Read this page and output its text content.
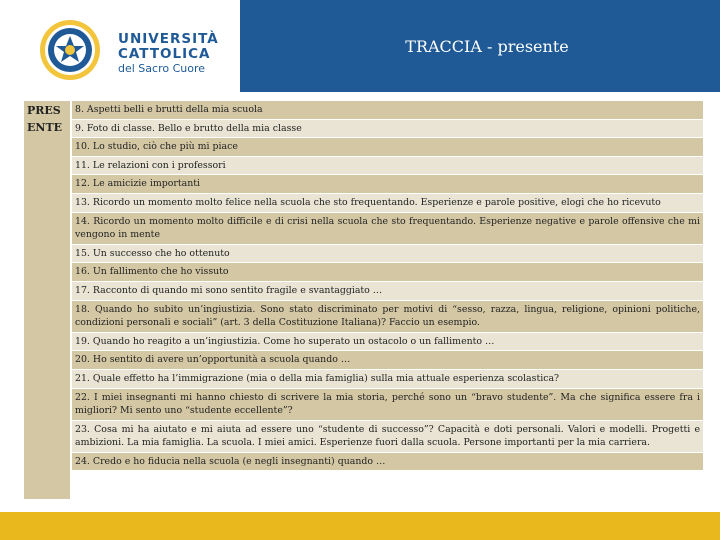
TRACCIA - presente
UNIVERSITÀ
CATTOLICA
del Sacro Cuore
PRESENTE
8. Aspetti belli e brutti della mia scuola
9. Foto di classe. Bello e brutto della mia classe
10. Lo studio, ciò che più mi piace
11. Le relazioni con i professori
12. Le amicizie importanti
13. Ricordo un momento molto felice nella scuola che sto frequentando. Esperienze e parole positive, elogi che ho ricevuto
14. Ricordo un momento molto difficile e di crisi nella scuola che sto frequentando. Esperienze negative e parole offensive che mi vengono in mente
15. Un successo che ho ottenuto
16. Un fallimento che ho vissuto
17. Racconto di quando mi sono sentito fragile e svantaggiato …
18. Quando ho subito un’ingiustizia. Sono stato discriminato per motivi di “sesso, razza, lingua, religione, opinioni politiche, condizioni personali e sociali” (art. 3 della Costituzione Italiana)? Faccio un esempio.
19. Quando ho reagito a un’ingiustizia. Come ho superato un ostacolo o un fallimento …
20. Ho sentito di avere un’opportunità a scuola quando …
21. Quale effetto ha l’immigrazione (mia o della mia famiglia) sulla mia attuale esperienza scolastica?
22. I miei insegnanti mi hanno chiesto di scrivere la mia storia, perché sono un “bravo studente”. Ma che significa essere fra i migliori? Mi sento uno “studente eccellente”?
23. Cosa mi ha aiutato e mi aiuta ad essere uno “studente di successo”? Capacità e doti personali. Valori e modelli. Progetti e ambizioni. La mia famiglia. La scuola. I miei amici. Esperienze fuori dalla scuola. Persone importanti per la mia carriera.
24. Credo e ho fiducia nella scuola (e negli insegnanti) quando …
